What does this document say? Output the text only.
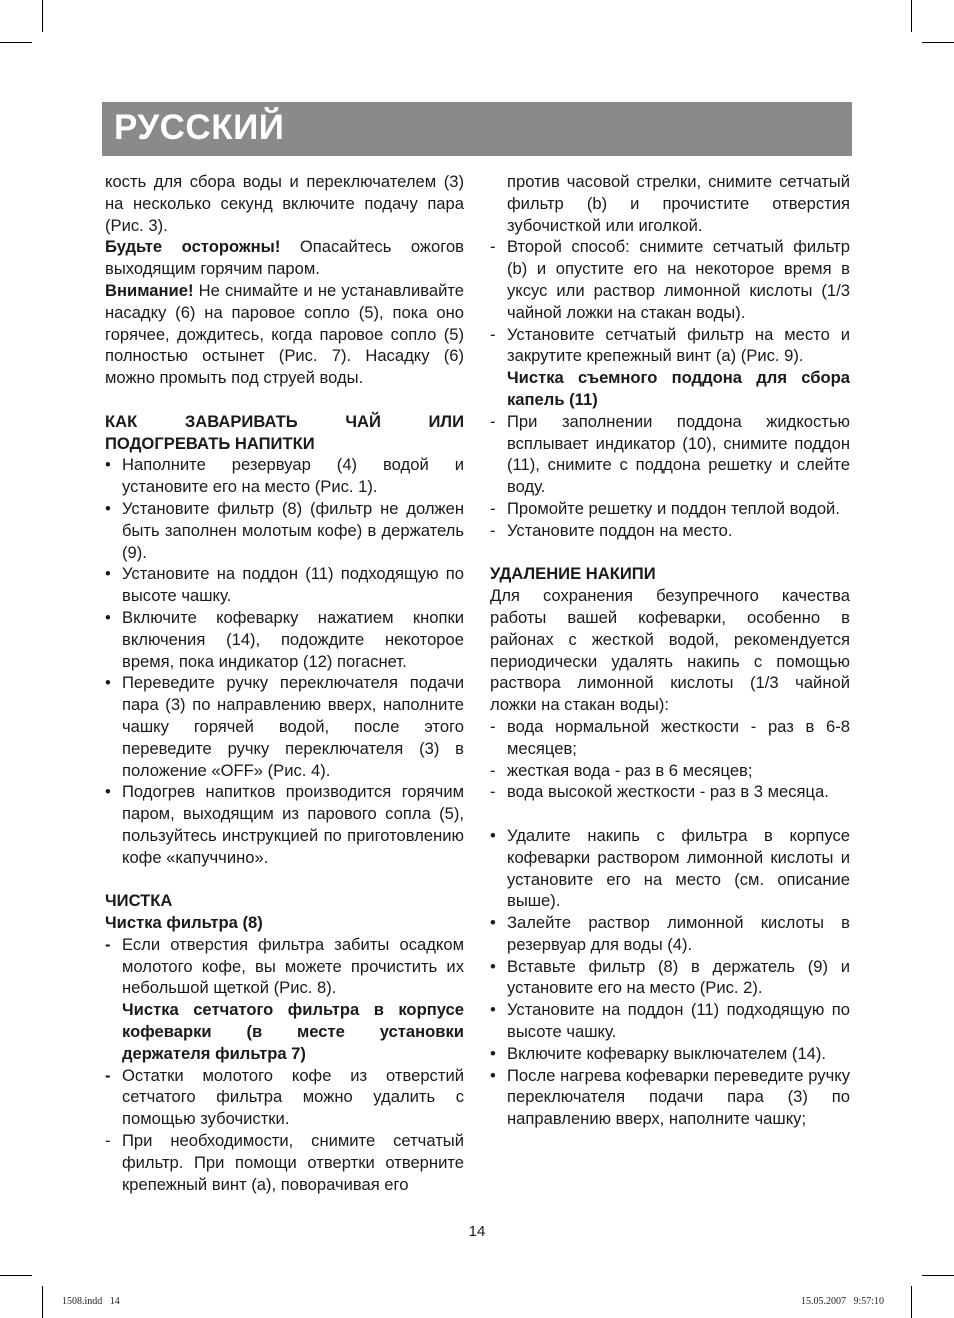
РУССКИЙ

кость для сбора воды и переключателем (3) на несколько секунд включите подачу пара (Рис. 3).

Будьте осторожны! Опасайтесь ожогов выходящим горячим паром.

Внимание! Не снимайте и не устанавливайте насадку (6) на паровое сопло (5), пока оно горячее, дождитесь, когда паровое сопло (5) полностью остынет (Рис. 7). Насадку (6) можно промыть под струей воды.

КАК ЗАВАРИВАТЬ ЧАЙ ИЛИ ПОДОГРЕВАТЬ НАПИТКИ

• Наполните резервуар (4) водой и установите его на место (Рис. 1).
• Установите фильтр (8) (фильтр не должен быть заполнен молотым кофе) в держатель (9).
• Установите на поддон (11) подходящую по высоте чашку.
• Включите кофеварку нажатием кнопки включения (14), подождите некоторое время, пока индикатор (12) погаснет.
• Переведите ручку переключателя подачи пара (3) по направлению вверх, наполните чашку горячей водой, после этого переведите ручку переключателя (3) в положение «OFF» (Рис. 4).
• Подогрев напитков производится горячим паром, выходящим из парового сопла (5), пользуйтесь инструкцией по приготовлению кофе «капуччино».

ЧИСТКА

Чистка фильтра (8)

- Если отверстия фильтра забиты осадком молотого кофе, вы можете прочистить их небольшой щеткой (Рис. 8).

Чистка сетчатого фильтра в корпусе кофеварки (в месте установки держателя фильтра 7)

- Остатки молотого кофе из отверстий сетчатого фильтра можно удалить с помощью зубочистки.
- При необходимости, снимите сетчатый фильтр. При помощи отвертки отверните крепежный винт (а), поворачивая его

против часовой стрелки, снимите сетчатый фильтр (b) и прочистите отверстия зубочисткой или иголкой.

- Второй способ: снимите сетчатый фильтр (b) и опустите его на некоторое время в уксус или раствор лимонной кислоты (1/3 чайной ложки на стакан воды).
- Установите сетчатый фильтр на место и закрутите крепежный винт (а) (Рис. 9).

Чистка съемного поддона для сбора капель (11)

- При заполнении поддона жидкостью всплывает индикатор (10), снимите поддон (11), снимите с поддона решетку и слейте воду.
- Промойте решетку и поддон теплой водой.
- Установите поддон на место.

УДАЛЕНИЕ НАКИПИ

Для сохранения безупречного качества работы вашей кофеварки, особенно в районах с жесткой водой, рекомендуется периодически удалять накипь с помощью раствора лимонной кислоты (1/3 чайной ложки на стакан воды):

- вода нормальной жесткости - раз в 6-8 месяцев;
- жесткая вода - раз в 6 месяцев;
- вода высокой жесткости - раз в 3 месяца.
• Удалите накипь с фильтра в корпусе кофеварки раствором лимонной кислоты и установите его на место (см. описание выше).
• Залейте раствор лимонной кислоты в резервуар для воды (4).
• Вставьте фильтр (8) в держатель (9) и установите его на место (Рис. 2).
• Установите на поддон (11) подходящую по высоте чашку.
• Включите кофеварку выключателем (14).
• После нагрева кофеварки переведите ручку переключателя подачи пара (3) по направлению вверх, наполните чашку;
14
1508.indd   14	15.05.2007   9:57:10
